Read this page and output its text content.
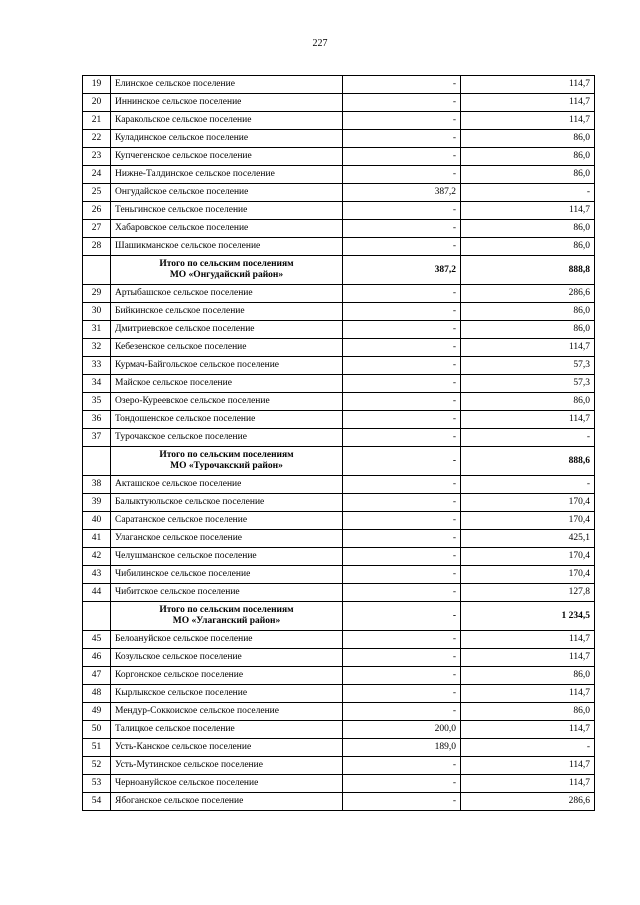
227
19	Елинское сельское поселение	-	114,7
20	Иннинское сельское поселение	-	114,7
21	Каракольское сельское поселение	-	114,7
22	Куладинское сельское поселение	-	86,0
23	Купчегенское сельское поселение	-	86,0
24	Нижне-Талдинское сельское поселение	-	86,0
25	Онгудайское сельское поселение	387,2	-
26	Теньгинское сельское поселение	-	114,7
27	Хабаровское сельское поселение	-	86,0
28	Шашикманское сельское поселение	-	86,0

	Итого по сельским поселениям
МО «Онгудайский район»	387,2	888,8
29	Артыбашское сельское поселение	-	286,6
30	Бийкинское сельское поселение	-	86,0
31	Дмитриевское сельское поселение	-	86,0
32	Кебезенское сельское поселение	-	114,7
33	Курмач-Байгольское сельское поселение	-	57,3
34	Майское сельское поселение	-	57,3
35	Озеро-Куреевское сельское поселение	-	86,0
36	Тондошенское сельское поселение	-	114,7
37	Турочакское сельское поселение	-	-

	Итого по сельским поселениям
МО «Турочакский район»	-	888,6
38	Акташское сельское поселение	-	-
39	Балыктуюльское сельское поселение	-	170,4
40	Саратанское сельское поселение	-	170,4
41	Улаганское сельское поселение	-	425,1
42	Челушманское сельское поселение	-	170,4
43	Чибилинское сельское поселение	-	170,4
44	Чибитское сельское поселение	-	127,8

	Итого по сельским поселениям
МО «Улаганский район»	-	1 234,5
45	Белоануйское сельское поселение	-	114,7
46	Козульское сельское поселение	-	114,7
47	Коргонское сельское поселение	-	86,0
48	Кырлыкское сельское поселение	-	114,7
49	Мендур-Соккоиское сельское поселение	-	86,0
50	Талицкое сельское поселение	200,0	114,7
51	Усть-Канское сельское поселение	189,0	-
52	Усть-Мутинское сельское поселение	-	114,7
53	Черноануйское сельское поселение	-	114,7
54	Ябоганское сельское поселение	-	286,6
